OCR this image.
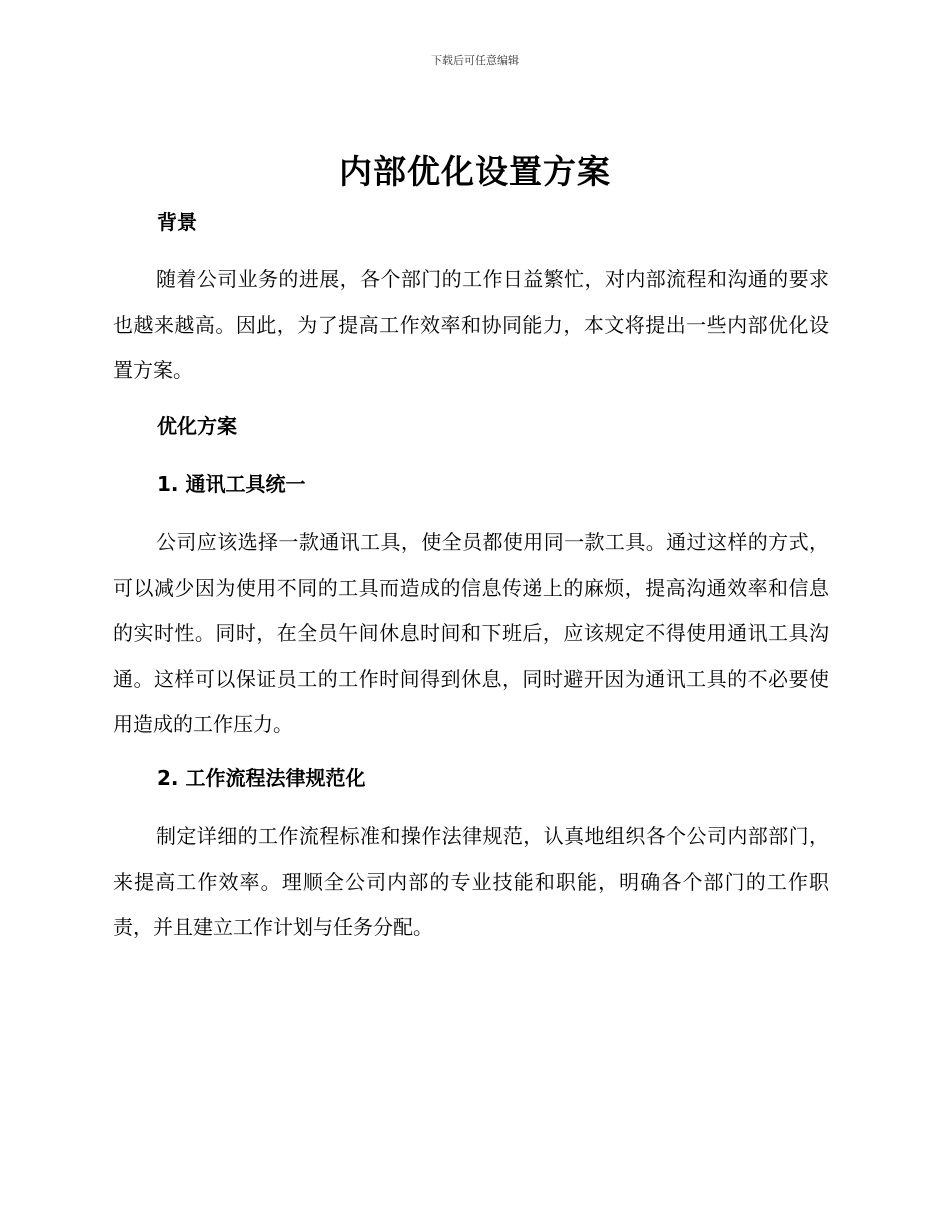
下载后可任意编辑
内部优化设置方案
背景

随着公司业务的进展，各个部门的工作日益繁忙，对内部流程和沟通的要求也越来越高。因此，为了提高工作效率和协同能力，本文将提出一些内部优化设置方案。

优化方案
1. 通讯工具统一

公司应该选择一款通讯工具，使全员都使用同一款工具。通过这样的方式，可以减少因为使用不同的工具而造成的信息传递上的麻烦，提高沟通效率和信息的实时性。同时，在全员午间休息时间和下班后，应该规定不得使用通讯工具沟通。这样可以保证员工的工作时间得到休息，同时避开因为通讯工具的不必要使用造成的工作压力。

2. 工作流程法律规范化

制定详细的工作流程标准和操作法律规范，认真地组织各个公司内部部门，来提高工作效率。理顺全公司内部的专业技能和职能，明确各个部门的工作职责，并且建立工作计划与任务分配。
